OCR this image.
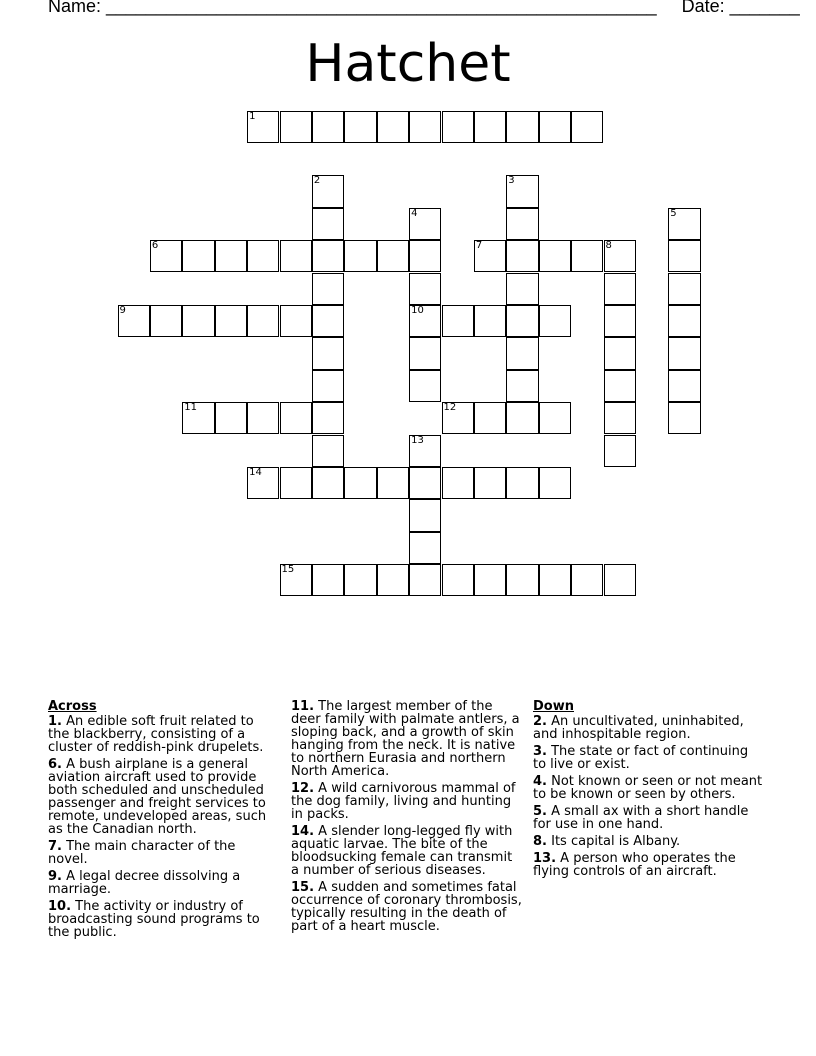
Name: _______________________________________________________     Date: _______
Hatchet
1
2	3
4
10
5
6	7	8
9
11	12
13
14
15
Across
1. An edible soft fruit related to the blackberry, consisting of a cluster of reddish-pink drupelets.
6. A bush airplane is a general aviation aircraft used to provide both scheduled and unscheduled passenger and freight services to remote, undeveloped areas, such as the Canadian north.
7. The main character of the novel.
9. A legal decree dissolving a marriage.
10. The activity or industry of broadcasting sound programs to the public.
11. The largest member of the deer family with palmate antlers, a sloping back, and a growth of skin hanging from the neck. It is native to northern Eurasia and northern North America.
12. A wild carnivorous mammal of the dog family, living and hunting in packs.
14. A slender long-legged fly with aquatic larvae. The bite of the bloodsucking female can transmit a number of serious diseases.
15. A sudden and sometimes fatal occurrence of coronary thrombosis, typically resulting in the death of part of a heart muscle.
Down
2. An uncultivated, uninhabited, and inhospitable region.
3. The state or fact of continuing to live or exist.
4. Not known or seen or not meant to be known or seen by others.
5. A small ax with a short handle for use in one hand.
8. Its capital is Albany.
13. A person who operates the flying controls of an aircraft.
